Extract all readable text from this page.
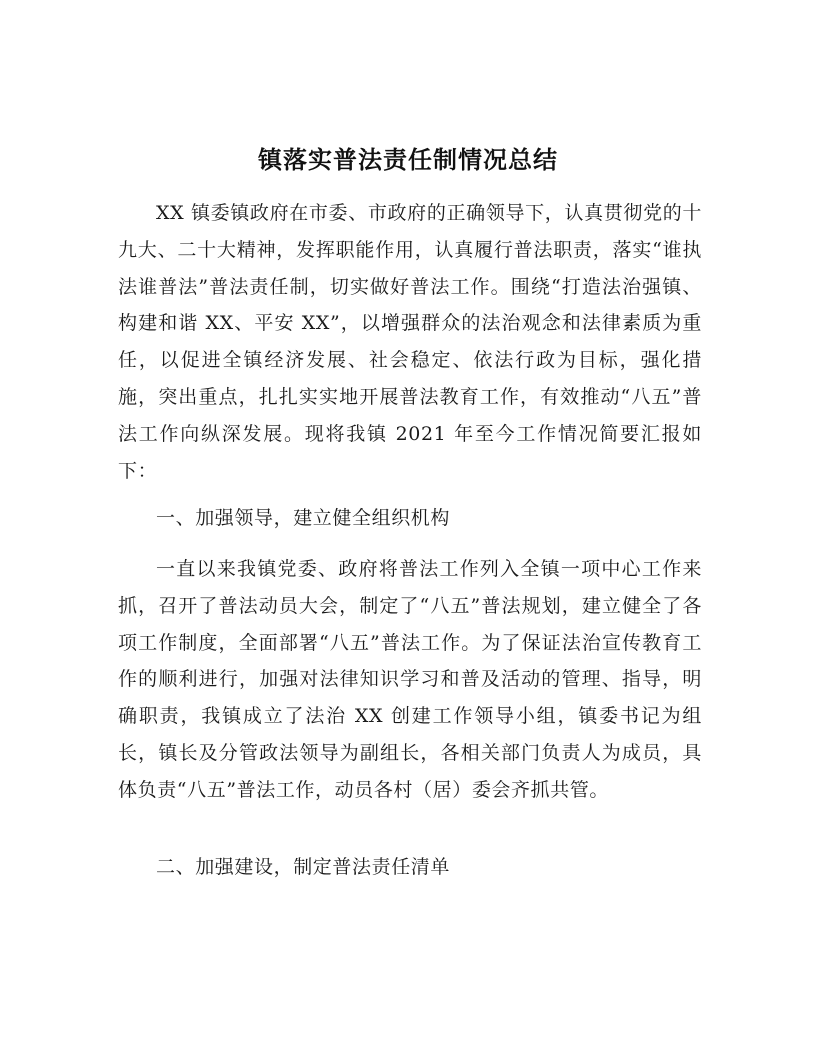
镇落实普法责任制情况总结

XX 镇委镇政府在市委、市政府的正确领导下，认真贯彻党的十九大、二十大精神，发挥职能作用，认真履行普法职责，落实“谁执法谁普法”普法责任制，切实做好普法工作。围绕“打造法治强镇、构建和谐 XX、平安 XX”，以增强群众的法治观念和法律素质为重任，以促进全镇经济发展、社会稳定、依法行政为目标，强化措施，突出重点，扎扎实实地开展普法教育工作，有效推动“八五”普法工作向纵深发展。现将我镇 2021 年至今工作情况简要汇报如下：

一、加强领导，建立健全组织机构

一直以来我镇党委、政府将普法工作列入全镇一项中心工作来抓，召开了普法动员大会，制定了“八五”普法规划，建立健全了各项工作制度，全面部署“八五”普法工作。为了保证法治宣传教育工作的顺利进行，加强对法律知识学习和普及活动的管理、指导，明确职责，我镇成立了法治 XX 创建工作领导小组，镇委书记为组长，镇长及分管政法领导为副组长，各相关部门负责人为成员，具体负责“八五”普法工作，动员各村（居）委会齐抓共管。

二、加强建设，制定普法责任清单
